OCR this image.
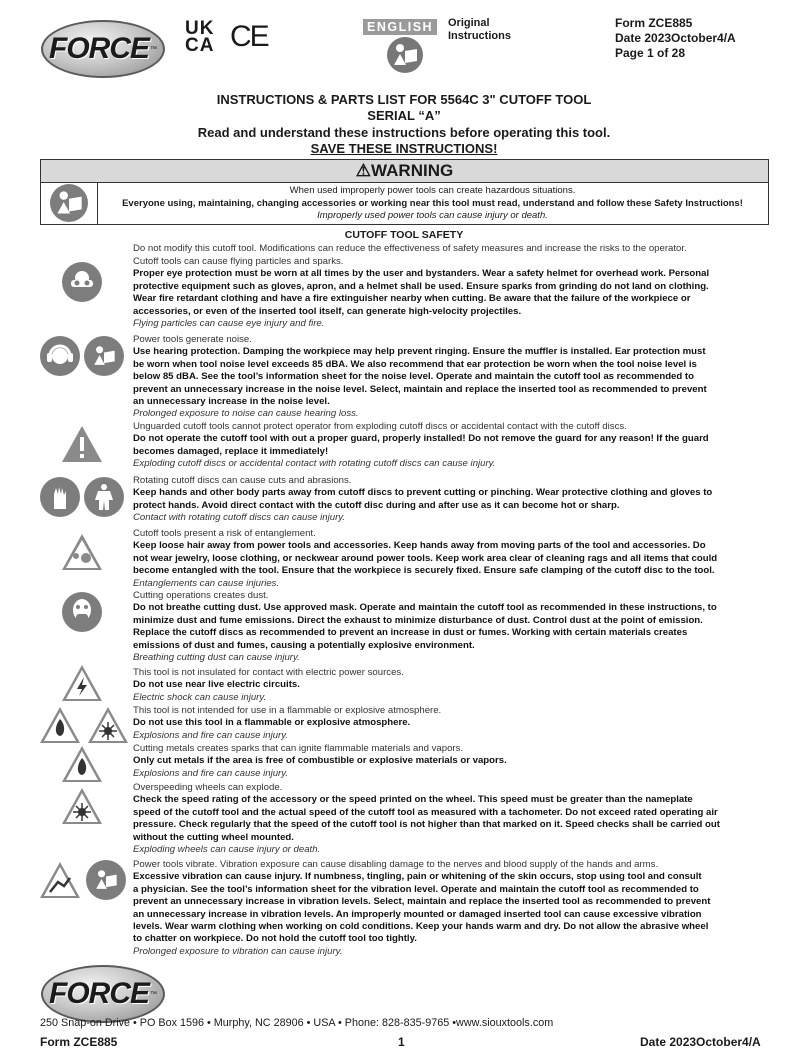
FORCE ™
UK
CA CE	ENGLISH	Original
Instructions
Form ZCE885
Date 2023October4/A
Page 1 of 28
INSTRUCTIONS & PARTS LIST FOR 5564C 3" CUTOFF TOOL
SERIAL “A”
Read and understand these instructions before operating this tool.
SAVE THESE INSTRUCTIONS!
⚠WARNING
When used improperly power tools can create hazardous situations.
Everyone using, maintaining, changing accessories or working near this tool must read, understand and follow these Safety Instructions!
Improperly used power tools can cause injury or death.
CUTOFF TOOL SAFETY
Do not modify this cutoff tool. Modifications can reduce the effectiveness of safety measures and increase the risks to the operator.
Cutoff tools can cause flying particles and sparks.
Proper eye protection must be worn at all times by the user and bystanders. Wear a safety helmet for overhead work. Personal
protective equipment such as gloves, apron, and a helmet shall be used. Ensure sparks from grinding do not land on clothing.
Wear fire retardant clothing and have a fire extinguisher nearby when cutting. Be aware that the failure of the workpiece or
accessories, or even of the inserted tool itself, can generate high-velocity projectiles.
Flying particles can cause eye injury and fire.
Power tools generate noise.
Use hearing protection. Damping the workpiece may help prevent ringing. Ensure the muffler is installed. Ear protection must
be worn when tool noise level exceeds 85 dBA. We also recommend that ear protection be worn when the tool noise level is
below 85 dBA. See the tool’s information sheet for the noise level. Operate and maintain the cutoff tool as recommended to
prevent an unnecessary increase in the noise level. Select, maintain and replace the inserted tool as recommended to prevent
an unnecessary increase in the noise level.
Prolonged exposure to noise can cause hearing loss.
Unguarded cutoff tools cannot protect operator from exploding cutoff discs or accidental contact with the cutoff discs.
Do not operate the cutoff tool with out a proper guard, properly installed! Do not remove the guard for any reason! If the guard
becomes damaged, replace it immediately!
Exploding cutoff discs or accidental contact with rotating cutoff discs can cause injury.
Rotating cutoff discs can cause cuts and abrasions.
Keep hands and other body parts away from cutoff discs to prevent cutting or pinching. Wear protective clothing and gloves to
protect hands. Avoid direct contact with the cutoff disc during and after use as it can become hot or sharp.
Contact with rotating cutoff discs can cause injury.
Cutoff tools present a risk of entanglement.
Keep loose hair away from power tools and accessories. Keep hands away from moving parts of the tool and accessories. Do
not wear jewelry, loose clothing, or neckwear around power tools. Keep work area clear of cleaning rags and all items that could
become entangled with the tool. Ensure that the workpiece is securely fixed. Ensure safe clamping of the cutoff disc to the tool.
Entanglements can cause injuries.
Cutting operations creates dust.
Do not breathe cutting dust. Use approved mask. Operate and maintain the cutoff tool as recommended in these instructions, to
minimize dust and fume emissions. Direct the exhaust to minimize disturbance of dust. Control dust at the point of emission.
Replace the cutoff discs as recommended to prevent an increase in dust or fumes. Working with certain materials creates
emissions of dust and fumes, causing a potentially explosive environment.
Breathing cutting dust can cause injury.
This tool is not insulated for contact with electric power sources.
Do not use near live electric circuits.
Electric shock can cause injury.
This tool is not intended for use in a flammable or explosive atmosphere.
Do not use this tool in a flammable or explosive atmosphere.
Explosions and fire can cause injury.
Cutting metals creates sparks that can ignite flammable materials and vapors.
Only cut metals if the area is free of combustible or explosive materials or vapors.
Explosions and fire can cause injury.
Overspeeding wheels can explode.
Check the speed rating of the accessory or the speed printed on the wheel. This speed must be greater than the nameplate
speed of the cutoff tool and the actual speed of the cutoff tool as measured with a tachometer. Do not exceed rated operating air
pressure. Check regularly that the speed of the cutoff tool is not higher than that marked on it. Speed checks shall be carried out
without the cutting wheel mounted.
Exploding wheels can cause injury or death.
Power tools vibrate. Vibration exposure can cause disabling damage to the nerves and blood supply of the hands and arms.
Excessive vibration can cause injury. If numbness, tingling, pain or whitening of the skin occurs, stop using tool and consult
a physician. See the tool’s information sheet for the vibration level. Operate and maintain the cutoff tool as recommended to
prevent an unnecessary increase in vibration levels. Select, maintain and replace the inserted tool as recommended to prevent
an unnecessary increase in vibration levels. An improperly mounted or damaged inserted tool can cause excessive vibration
levels. Wear warm clothing when working on cold conditions. Keep your hands warm and dry. Do not allow the abrasive wheel
to chatter on workpiece. Do not hold the cutoff tool too tightly.
Prolonged exposure to vibration can cause injury.
FORCE ™
250 Snap-on Drive • PO Box 1596 • Murphy, NC 28906 • USA • Phone: 828-835-9765 •www.siouxtools.com
Form ZCE885	1	Date 2023October4/A
